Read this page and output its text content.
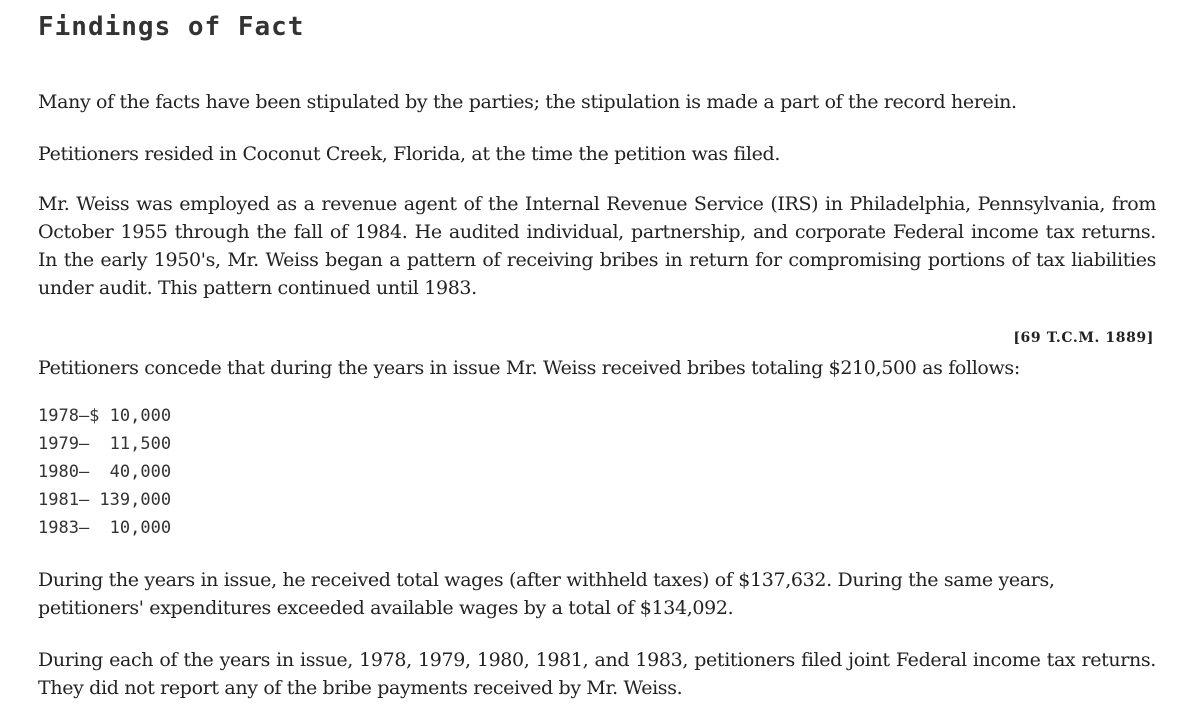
Findings of Fact

Many of the facts have been stipulated by the parties; the stipulation is made a part of the record herein.

Petitioners resided in Coconut Creek, Florida, at the time the petition was filed.

Mr. Weiss was employed as a revenue agent of the Internal Revenue Service (IRS) in Philadelphia, Pennsylvania, from October 1955 through the fall of 1984. He audited individual, partnership, and corporate Federal income tax returns. In the early 1950's, Mr. Weiss began a pattern of receiving bribes in return for compromising portions of tax liabilities under audit. This pattern continued until 1983.

[69 T.C.M. 1889]

Petitioners concede that during the years in issue Mr. Weiss received bribes totaling $210,500 as follows:

1978—$ 10,000
1979—  11,500
1980—  40,000
1981— 139,000
1983—  10,000

During the years in issue, he received total wages (after withheld taxes) of $137,632. During the same years, petitioners' expenditures exceeded available wages by a total of $134,092.

During each of the years in issue, 1978, 1979, 1980, 1981, and 1983, petitioners filed joint Federal income tax returns. They did not report any of the bribe payments received by Mr. Weiss.
